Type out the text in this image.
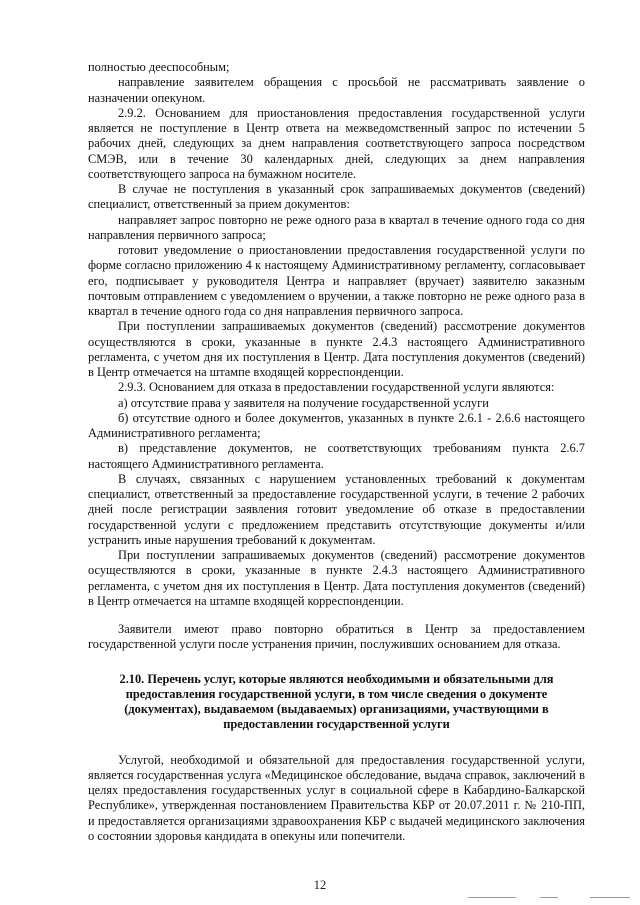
полностью дееспособным;

направление заявителем обращения с просьбой не рассматривать заявление о назначении опекуном.

2.9.2. Основанием для приостановления предоставления государственной услуги является не поступление в Центр ответа на межведомственный запрос по истечении 5 рабочих дней, следующих за днем направления соответствующего запроса посредством СМЭВ, или в течение 30 календарных дней, следующих за днем направления соответствующего запроса на бумажном носителе.

В случае не поступления в указанный срок запрашиваемых документов (сведений) специалист, ответственный за прием документов:

направляет запрос повторно не реже одного раза в квартал в течение одного года со дня направления первичного запроса;

готовит уведомление о приостановлении предоставления государственной услуги по форме согласно приложению 4 к настоящему Административному регламенту, согласовывает его, подписывает у руководителя Центра и направляет (вручает) заявителю заказным почтовым отправлением с уведомлением о вручении, а также повторно не реже одного раза в квартал в течение одного года со дня направления первичного запроса.

При поступлении запрашиваемых документов (сведений) рассмотрение документов осуществляются в сроки, указанные в пункте 2.4.3 настоящего Административного регламента, с учетом дня их поступления в Центр. Дата поступления документов (сведений) в Центр отмечается на штампе входящей корреспонденции.

2.9.3. Основанием для отказа в предоставлении государственной услуги являются:

а) отсутствие права у заявителя на получение государственной услуги

б) отсутствие одного и более документов, указанных в пункте 2.6.1 - 2.6.6 настоящего Административного регламента;

в) представление документов, не соответствующих требованиям пункта 2.6.7 настоящего Административного регламента.

В случаях, связанных с нарушением установленных требований к документам специалист, ответственный за предоставление государственной услуги, в течение 2 рабочих дней после регистрации заявления готовит уведомление об отказе в предоставлении государственной услуги с предложением представить отсутствующие документы и/или устранить иные нарушения требований к документам.

При поступлении запрашиваемых документов (сведений) рассмотрение документов осуществляются в сроки, указанные в пункте 2.4.3 настоящего Административного регламента, с учетом дня их поступления в Центр. Дата поступления документов (сведений) в Центр отмечается на штампе входящей корреспонденции.

Заявители имеют право повторно обратиться в Центр за предоставлением государственной услуги после устранения причин, послуживших основанием для отказа.

2.10. Перечень услуг, которые являются необходимыми и обязательными для предоставления государственной услуги, в том числе сведения о документе (документах), выдаваемом (выдаваемых) организациями, участвующими в предоставлении государственной услуги

Услугой, необходимой и обязательной для предоставления государственной услуги, является государственная услуга «Медицинское обследование, выдача справок, заключений в целях предоставления государственных услуг в социальной сфере в Кабардино-Балкарской Республике», утвержденная постановлением Правительства КБР от 20.07.2011 г. № 210-ПП, и предоставляется организациями здравоохранения КБР с выдачей медицинского заключения о состоянии здоровья кандидата в опекуны или попечители.

12
